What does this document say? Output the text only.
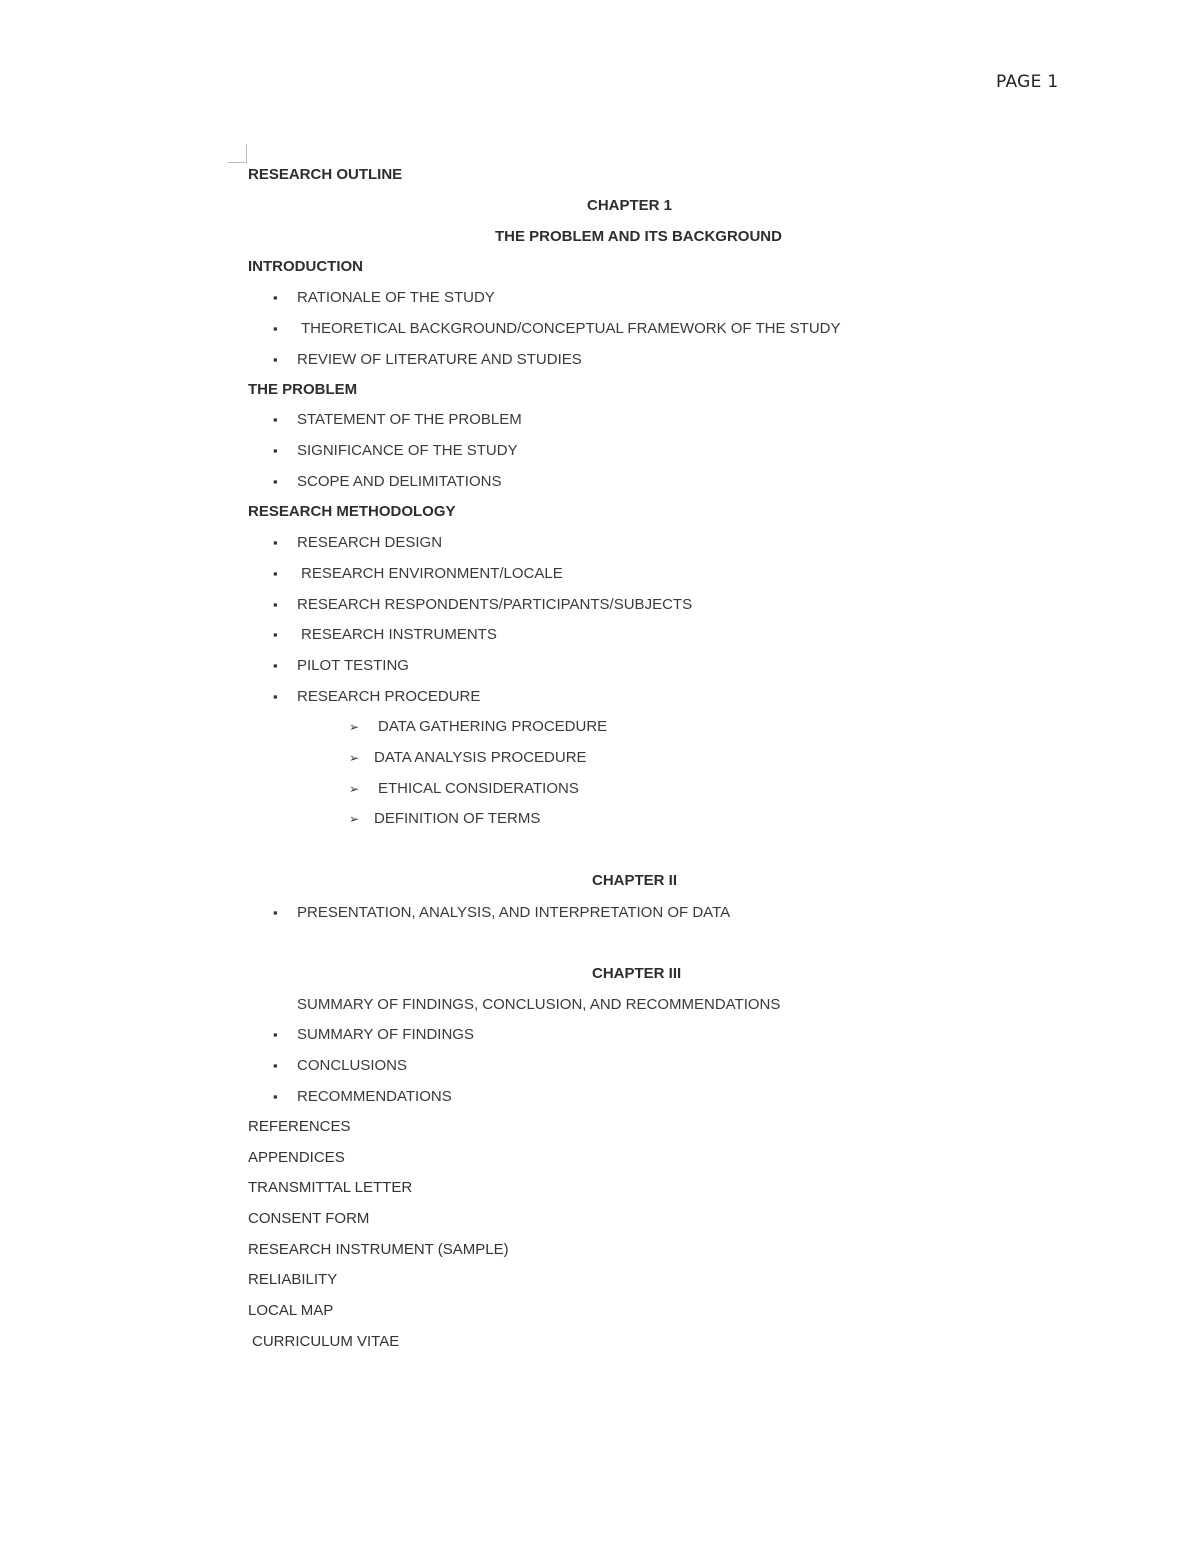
PAGE 1
RESEARCH OUTLINE
CHAPTER 1
THE PROBLEM AND ITS BACKGROUND
INTRODUCTION
▪ RATIONALE OF THE STUDY
▪ THEORETICAL BACKGROUND/CONCEPTUAL FRAMEWORK OF THE STUDY
▪ REVIEW OF LITERATURE AND STUDIES
THE PROBLEM
▪ STATEMENT OF THE PROBLEM
▪ SIGNIFICANCE OF THE STUDY
▪ SCOPE AND DELIMITATIONS
RESEARCH METHODOLOGY
▪ RESEARCH DESIGN
▪ RESEARCH ENVIRONMENT/LOCALE
▪ RESEARCH RESPONDENTS/PARTICIPANTS/SUBJECTS
▪ RESEARCH INSTRUMENTS
▪ PILOT TESTING
▪ RESEARCH PROCEDURE
➢ DATA GATHERING PROCEDURE
➢ DATA ANALYSIS PROCEDURE
➢ ETHICAL CONSIDERATIONS
➢ DEFINITION OF TERMS
CHAPTER II
▪ PRESENTATION, ANALYSIS, AND INTERPRETATION OF DATA
CHAPTER III
SUMMARY OF FINDINGS, CONCLUSION, AND RECOMMENDATIONS
▪ SUMMARY OF FINDINGS
▪ CONCLUSIONS
▪ RECOMMENDATIONS
REFERENCES
APPENDICES
TRANSMITTAL LETTER
CONSENT FORM
RESEARCH INSTRUMENT (SAMPLE)
RELIABILITY
LOCAL MAP
CURRICULUM VITAE
